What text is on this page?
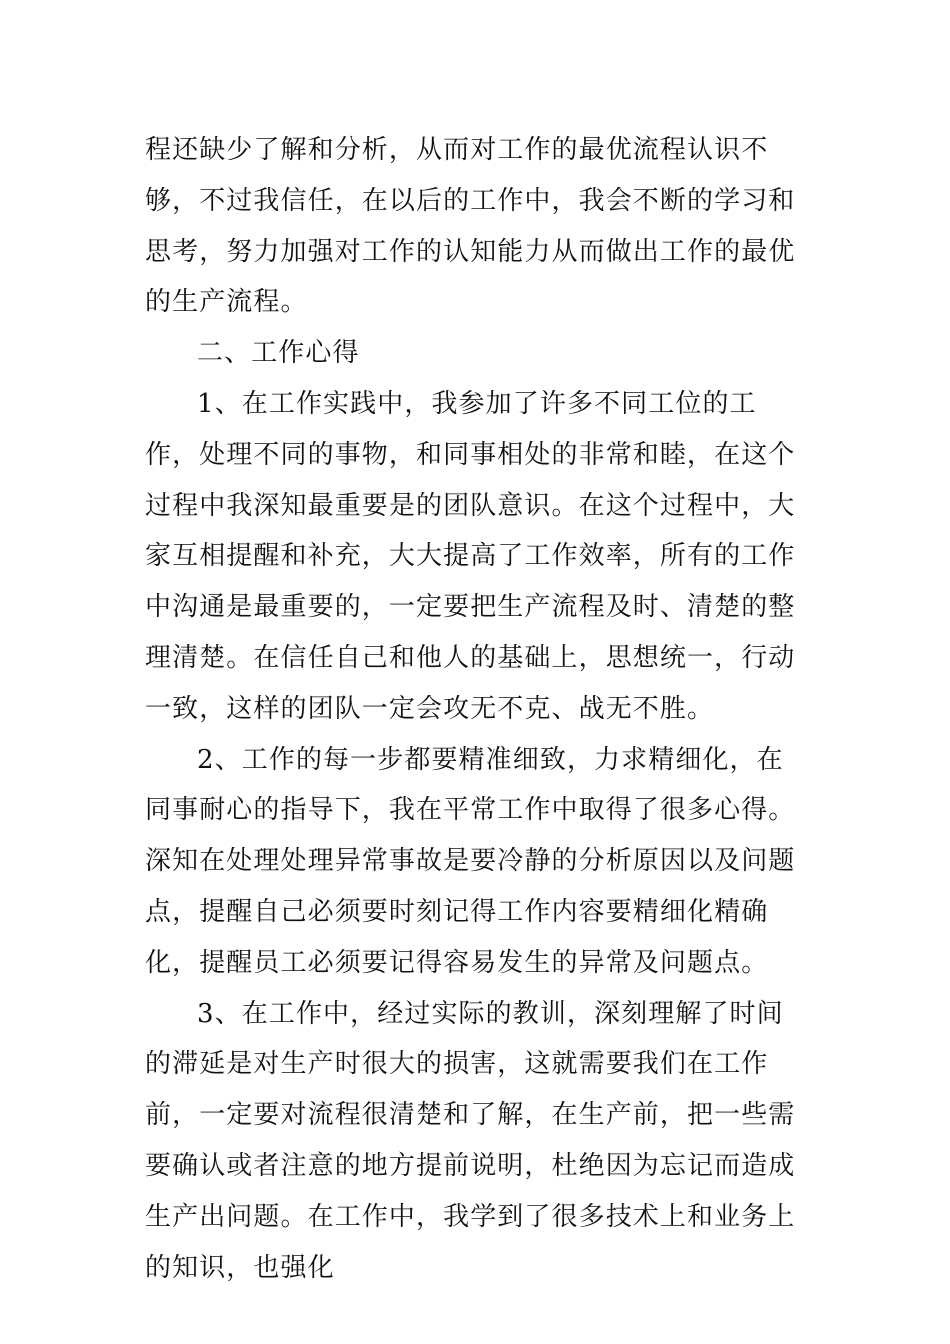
程还缺少了解和分析，从而对工作的最优流程认识不够，不过我信任，在以后的工作中，我会不断的学习和思考，努力加强对工作的认知能力从而做出工作的最优的生产流程。

二、工作心得

1、在工作实践中，我参加了许多不同工位的工作，处理不同的事物，和同事相处的非常和睦，在这个过程中我深知最重要是的团队意识。在这个过程中，大家互相提醒和补充，大大提高了工作效率，所有的工作中沟通是最重要的，一定要把生产流程及时、清楚的整理清楚。在信任自己和他人的基础上，思想统一，行动一致，这样的团队一定会攻无不克、战无不胜。

2、工作的每一步都要精准细致，力求精细化，在同事耐心的指导下，我在平常工作中取得了很多心得。深知在处理处理异常事故是要冷静的分析原因以及问题点，提醒自己必须要时刻记得工作内容要精细化精确化，提醒员工必须要记得容易发生的异常及问题点。

3、在工作中，经过实际的教训，深刻理解了时间的滞延是对生产时很大的损害，这就需要我们在工作前，一定要对流程很清楚和了解，在生产前，把一些需要确认或者注意的地方提前说明，杜绝因为忘记而造成生产出问题。在工作中，我学到了很多技术上和业务上的知识，也强化
